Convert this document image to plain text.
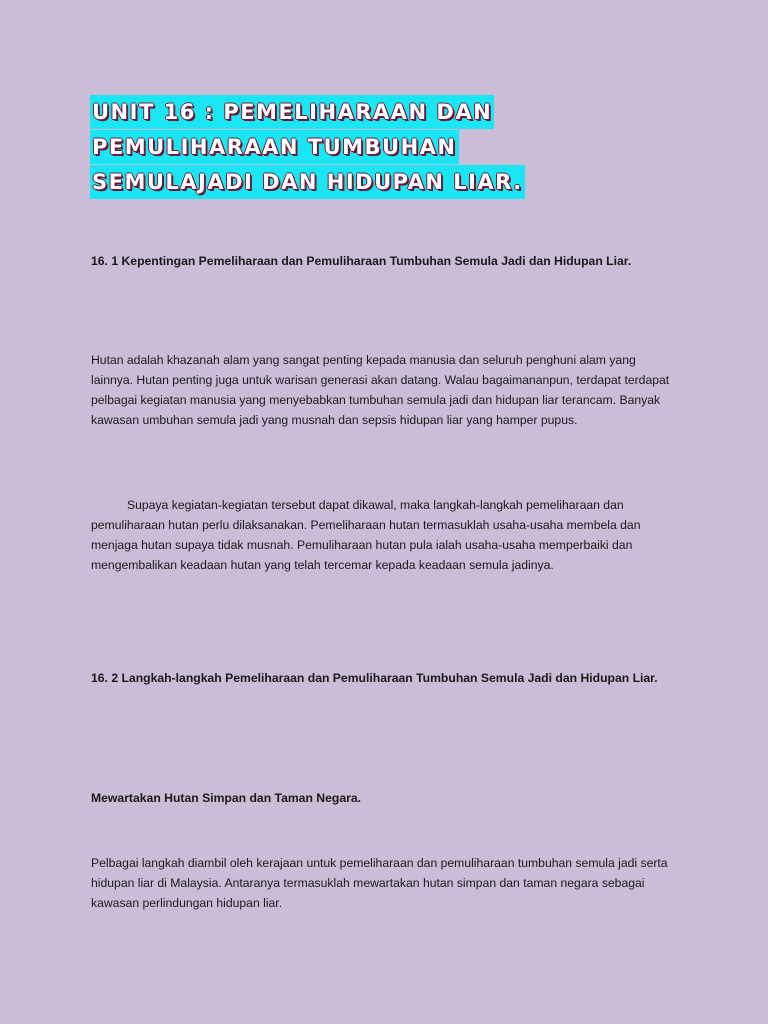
UNIT 16 : PEMELIHARAAN DAN
PEMULIHARAAN TUMBUHAN
SEMULAJADI DAN HIDUPAN LIAR.
16. 1 Kepentingan Pemeliharaan dan Pemuliharaan Tumbuhan Semula Jadi dan Hidupan Liar.
Hutan adalah khazanah alam yang sangat penting kepada manusia dan seluruh penghuni alam yang lainnya. Hutan penting juga untuk warisan generasi akan datang. Walau bagaimananpun, terdapat terdapat pelbagai kegiatan manusia yang menyebabkan tumbuhan semula jadi dan hidupan liar terancam. Banyak kawasan umbuhan semula jadi yang musnah dan sepsis hidupan liar yang hamper pupus.
Supaya kegiatan-kegiatan tersebut dapat dikawal, maka langkah-langkah pemeliharaan dan pemuliharaan hutan perlu dilaksanakan. Pemeliharaan hutan termasuklah usaha-usaha membela dan menjaga hutan supaya tidak musnah. Pemuliharaan hutan pula ialah usaha-usaha memperbaiki dan mengembalikan keadaan hutan yang telah tercemar kepada keadaan semula jadinya.
16. 2 Langkah-langkah Pemeliharaan dan Pemuliharaan Tumbuhan Semula Jadi dan Hidupan Liar.
Mewartakan Hutan Simpan dan Taman Negara.
Pelbagai langkah diambil oleh kerajaan untuk pemeliharaan dan pemuliharaan tumbuhan semula jadi serta hidupan liar di Malaysia. Antaranya termasuklah mewartakan hutan simpan dan taman negara sebagai kawasan perlindungan hidupan liar.
